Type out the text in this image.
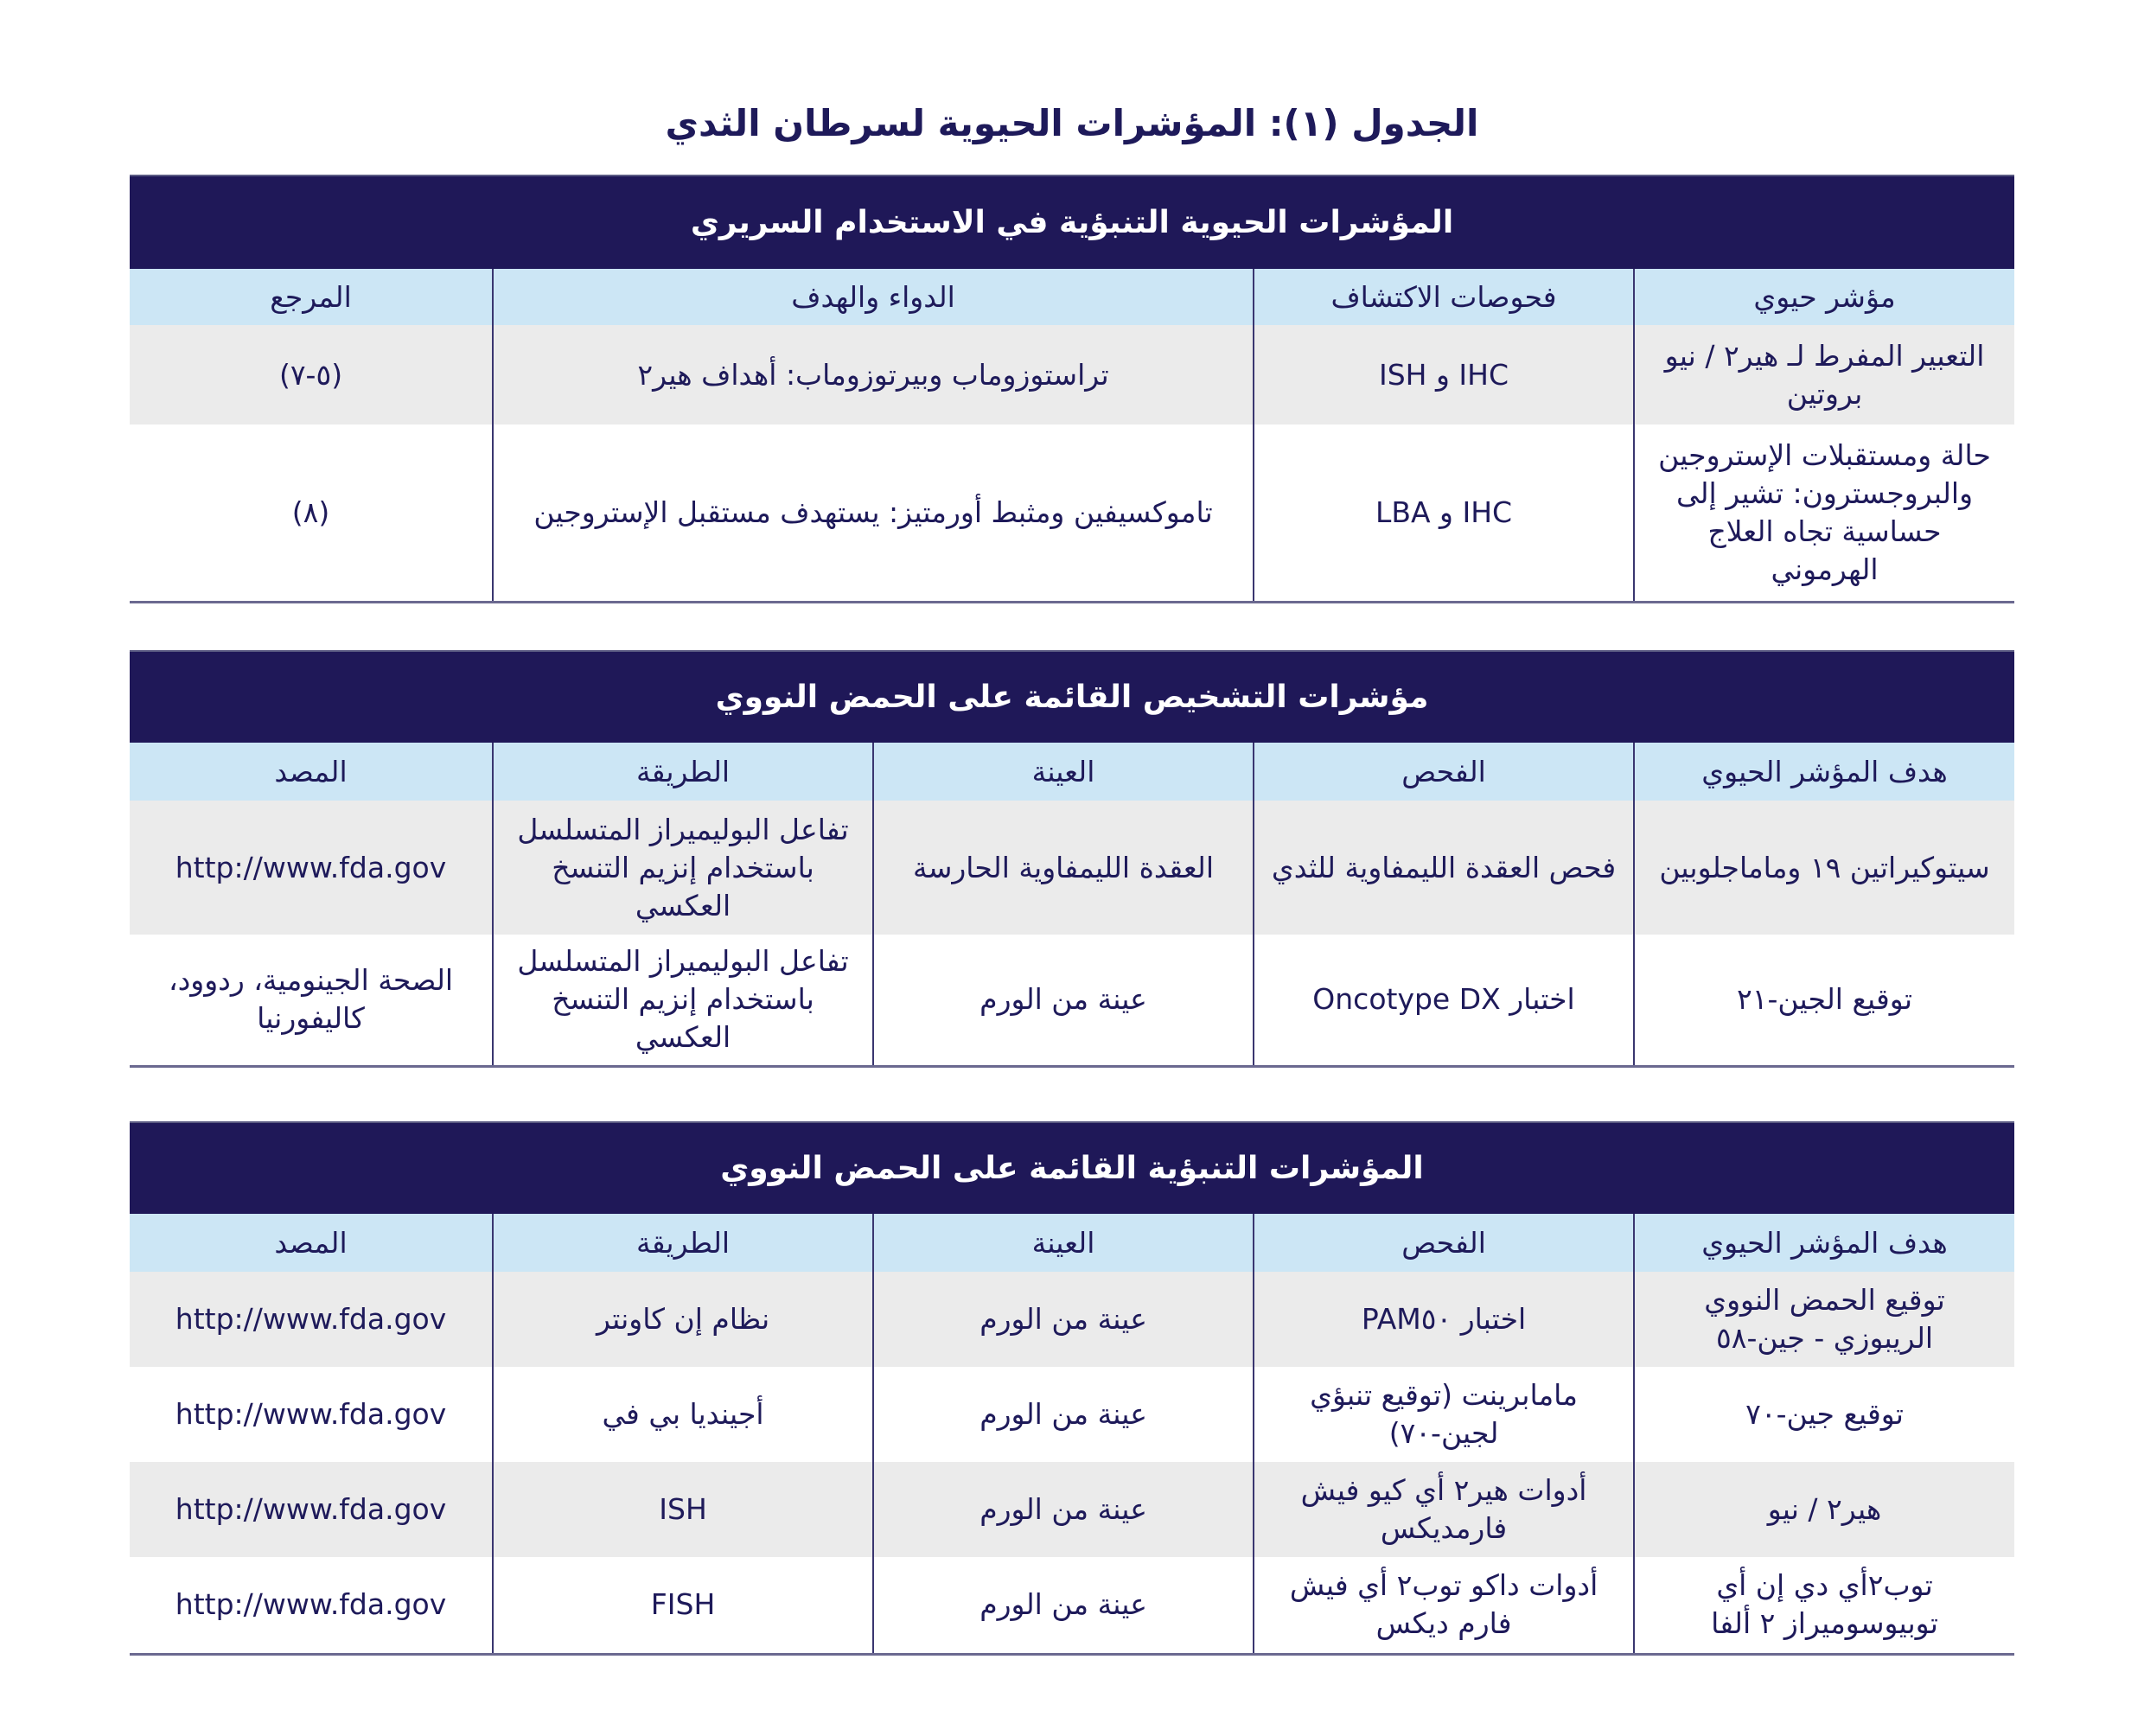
الجدول (١): المؤشرات الحيوية لسرطان الثدي
المؤشرات الحيوية التنبؤية في الاستخدام السريري			
مؤشر حيوي	فحوصات الاكتشاف	الدواء والهدف	المرجع
التعبير المفرط لـ هير٢ / نيو بروتين	IHC و ISH	تراستوزوماب وبيرتوزوماب: أهداف هير٢	(٥-٧)
حالة ومستقبلات الإستروجين والبروجسترون: تشير إلى حساسية تجاه العلاج الهرموني	IHC و LBA	تاموكسيفين ومثبط أورمتيز: يستهدف مستقبل الإستروجين	(٨)
مؤشرات التشخيص القائمة على الحمض النووي				
هدف المؤشر الحيوي	الفحص	العينة	الطريقة	المصد
سيتوكيراتين ١٩ وماماجلوبين	فحص العقدة الليمفاوية للثدي	العقدة الليمفاوية الحارسة	تفاعل البوليميراز المتسلسل باستخدام إنزيم التنسخ العكسي	http://www.fda.gov
توقيع الجين-٢١	اختبار Oncotype DX	عينة من الورم	تفاعل البوليميراز المتسلسل باستخدام إنزيم التنسخ العكسي	الصحة الجينومية، ردوود، كاليفورنيا
المؤشرات التنبؤية القائمة على الحمض النووي				
هدف المؤشر الحيوي	الفحص	العينة	الطريقة	المصد
توقيع الحمض النووي الريبوزي - جين-٥٨	اختبار PAM٥٠	عينة من الورم	نظام إن كاونتر	http://www.fda.gov
توقيع جين-٧٠	مامابرينت (توقيع تنبؤي لجين-٧٠)	عينة من الورم	أجينديا بي في	http://www.fda.gov
هير٢ / نيو	أدوات هير٢ أي كيو فيش فارمديكس	عينة من الورم	ISH	http://www.fda.gov
توب٢أي دي إن أي توبيوسوميراز ٢ ألفا	أدوات داكو توب٢ أي فيش فارم ديكس	عينة من الورم	FISH	http://www.fda.gov
